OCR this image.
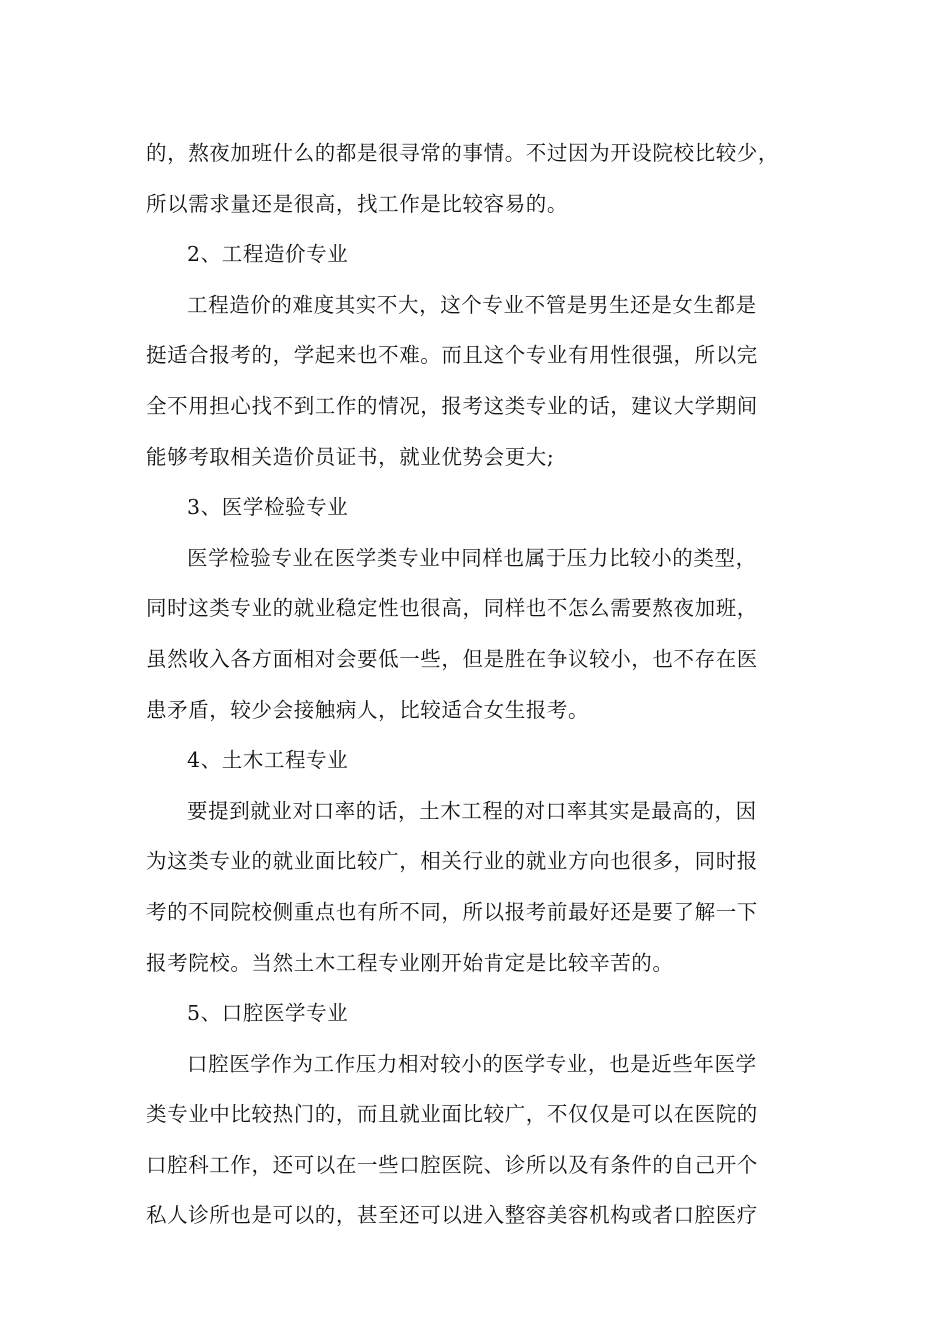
的，熬夜加班什么的都是很寻常的事情。不过因为开设院校比较少，
所以需求量还是很高，找工作是比较容易的。
2、工程造价专业
工程造价的难度其实不大，这个专业不管是男生还是女生都是
挺适合报考的，学起来也不难。而且这个专业有用性很强，所以完
全不用担心找不到工作的情况，报考这类专业的话，建议大学期间
能够考取相关造价员证书，就业优势会更大;
3、医学检验专业
医学检验专业在医学类专业中同样也属于压力比较小的类型，
同时这类专业的就业稳定性也很高，同样也不怎么需要熬夜加班，
虽然收入各方面相对会要低一些，但是胜在争议较小，也不存在医
患矛盾，较少会接触病人，比较适合女生报考。
4、土木工程专业
要提到就业对口率的话，土木工程的对口率其实是最高的，因
为这类专业的就业面比较广，相关行业的就业方向也很多，同时报
考的不同院校侧重点也有所不同，所以报考前最好还是要了解一下
报考院校。当然土木工程专业刚开始肯定是比较辛苦的。
5、口腔医学专业
口腔医学作为工作压力相对较小的医学专业，也是近些年医学
类专业中比较热门的，而且就业面比较广，不仅仅是可以在医院的
口腔科工作，还可以在一些口腔医院、诊所以及有条件的自己开个
私人诊所也是可以的，甚至还可以进入整容美容机构或者口腔医疗
